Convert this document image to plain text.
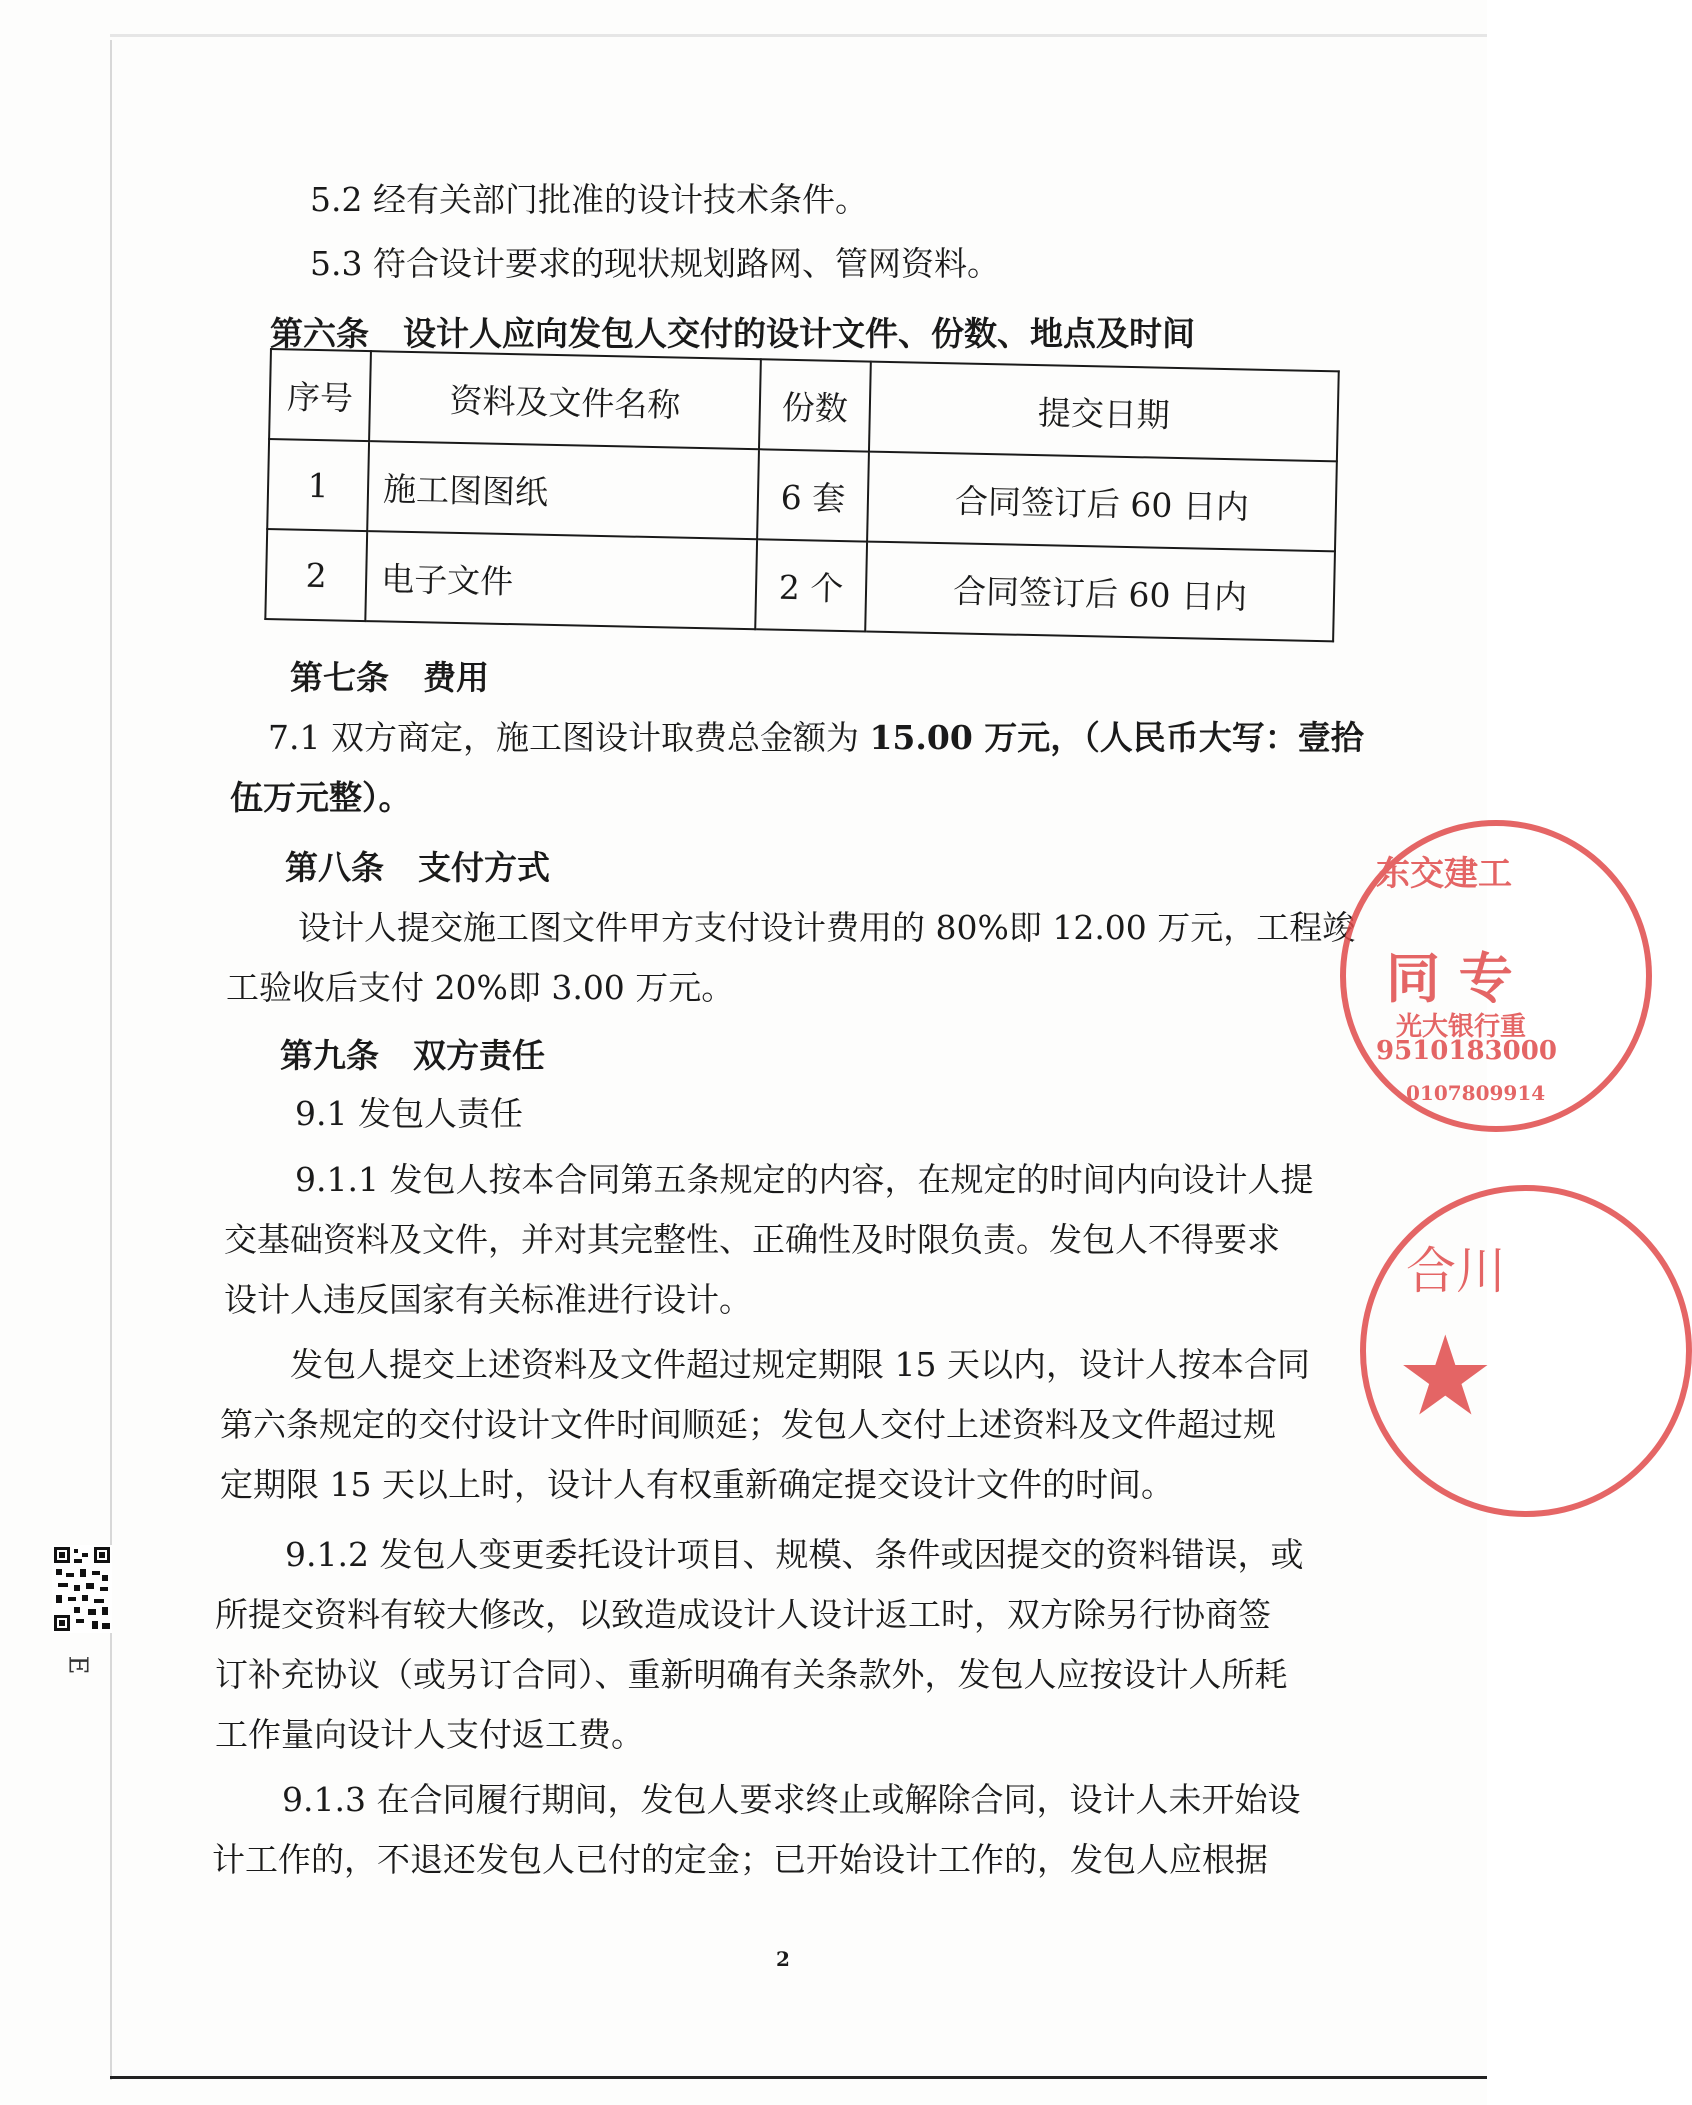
5.2 经有关部门批准的设计技术条件。
5.3 符合设计要求的现状规划路网、管网资料。
第六条 设计人应向发包人交付的设计文件、份数、地点及时间
序号	资料及文件名称	份数	提交日期
1	施工图图纸	6 套	合同签订后 60 日内
2	电子文件	2 个	合同签订后 60 日内
第七条 费用
7.1 双方商定，施工图设计取费总金额为 15.00 万元，（人民币大写：壹拾
伍万元整）。
第八条 支付方式
设计人提交施工图文件甲方支付设计费用的 80%即 12.00 万元，工程竣
工验收后支付 20%即 3.00 万元。
第九条 双方责任
9.1 发包人责任
9.1.1 发包人按本合同第五条规定的内容，在规定的时间内向设计人提
交基础资料及文件，并对其完整性、正确性及时限负责。发包人不得要求
设计人违反国家有关标准进行设计。
发包人提交上述资料及文件超过规定期限 15 天以内，设计人按本合同
第六条规定的交付设计文件时间顺延；发包人交付上述资料及文件超过规
定期限 15 天以上时，设计人有权重新确定提交设计文件的时间。
9.1.2 发包人变更委托设计项目、规模、条件或因提交的资料错误，或
所提交资料有较大修改，以致造成设计人设计返工时，双方除另行协商签
订补充协议（或另订合同）、重新明确有关条款外，发包人应按设计人所耗
工作量向设计人支付返工费。
9.1.3 在合同履行期间，发包人要求终止或解除合同，设计人未开始设
计工作的，不退还发包人已付的定金；已开始设计工作的，发包人应根据
2
东交建工
同 专
光大银行重
9510183000
0107809914
合川
★
E
